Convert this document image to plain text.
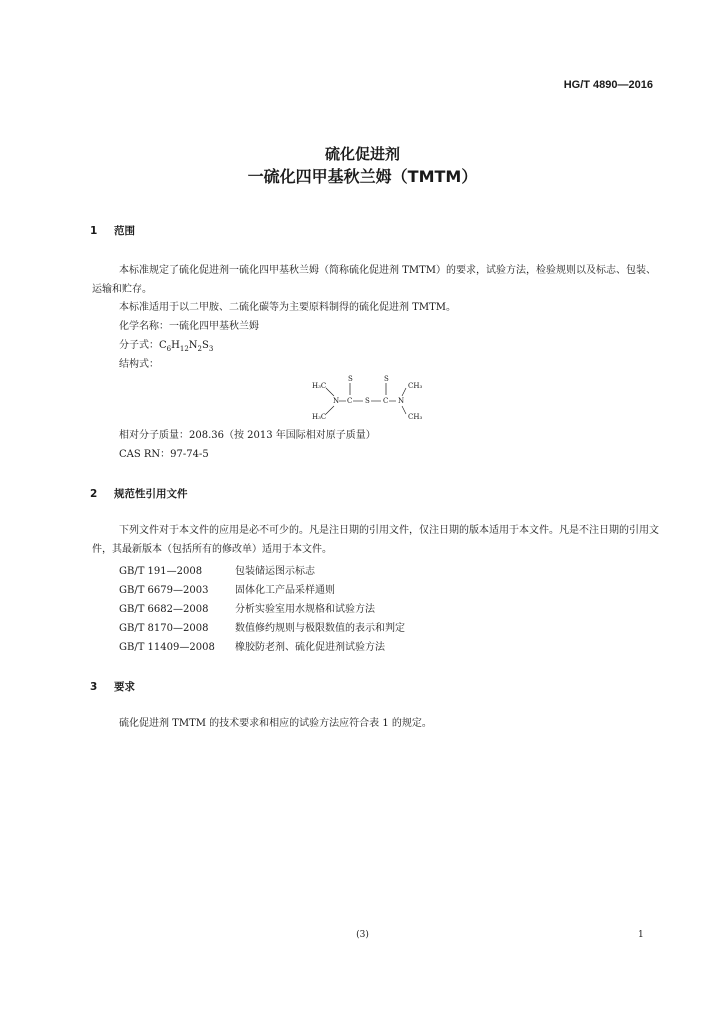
HG/T 4890—2016
硫化促进剂
一硫化四甲基秋兰姆（TMTM）
1 范围
本标准规定了硫化促进剂一硫化四甲基秋兰姆（简称硫化促进剂 TMTM）的要求，试验方法，检验规则以及标志、包装、运输和贮存。
本标准适用于以二甲胺、二硫化碳等为主要原料制得的硫化促进剂 TMTM。
化学名称：一硫化四甲基秋兰姆
分子式：$C_6H_{12}N_2S_3$
结构式：
S	S
H₃C	CH₃
N C S C N
H₃C	CH₃
相对分子质量：208.36（按 2013 年国际相对原子质量）
CAS RN：97-74-5
2 规范性引用文件
下列文件对于本文件的应用是必不可少的。凡是注日期的引用文件，仅注日期的版本适用于本文件。凡是不注日期的引用文件，其最新版本（包括所有的修改单）适用于本文件。
GB/T 191—2008	包装储运图示标志
GB/T 6679—2003	固体化工产品采样通则
GB/T 6682—2008	分析实验室用水规格和试验方法
GB/T 8170—2008	数值修约规则与极限数值的表示和判定
GB/T 11409—2008 橡胶防老剂、硫化促进剂试验方法
3 要求
硫化促进剂 TMTM 的技术要求和相应的试验方法应符合表 1 的规定。
(3)	1
